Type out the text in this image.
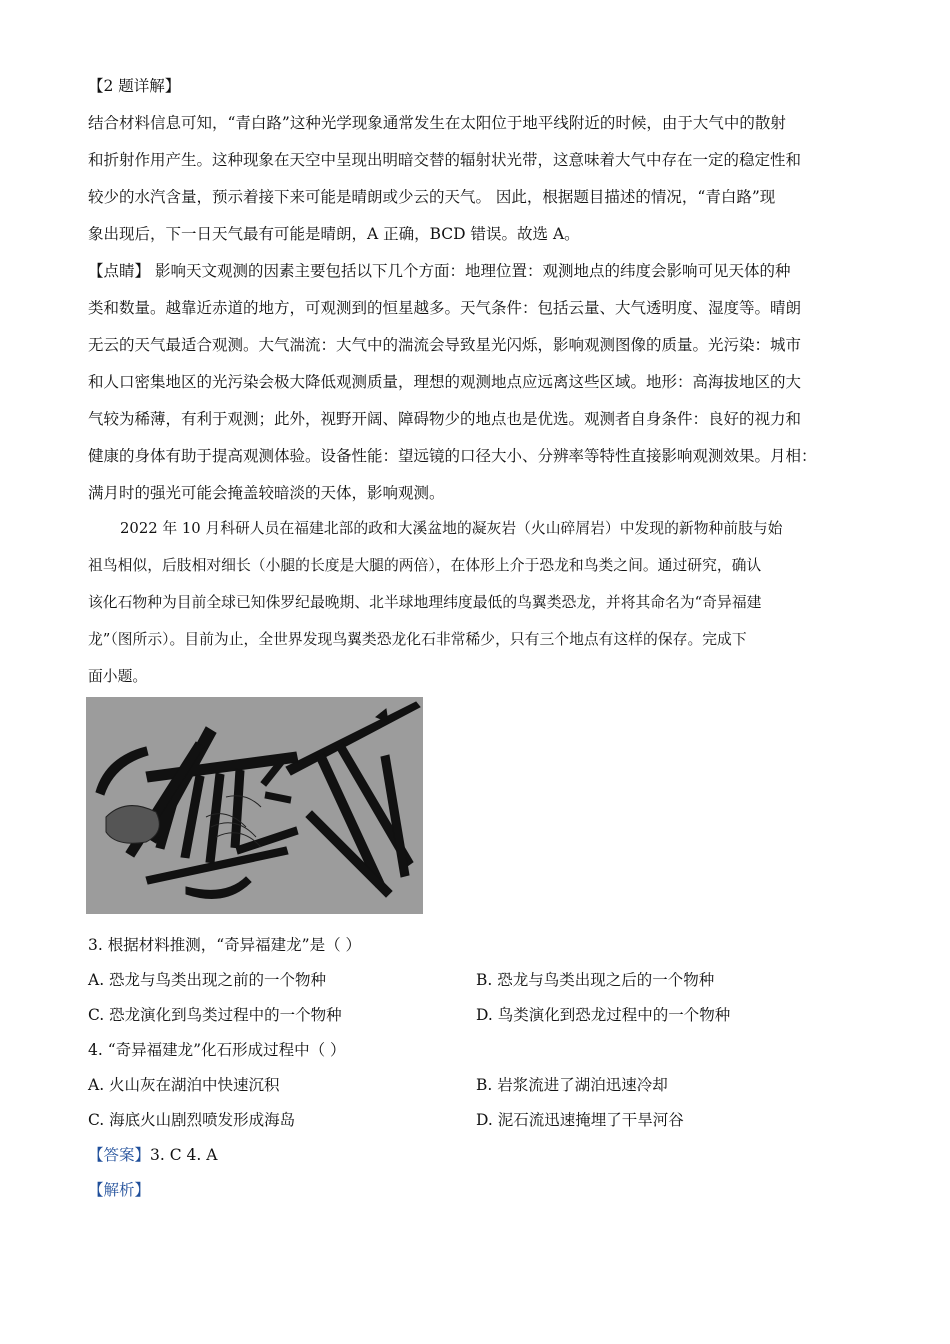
【2 题详解】
结合材料信息可知，“青白路”这种光学现象通常发生在太阳位于地平线附近的时候，由于大气中的散射
和折射作用产生。这种现象在天空中呈现出明暗交替的辐射状光带，这意味着大气中存在一定的稳定性和
较少的水汽含量，预示着接下来可能是晴朗或少云的天气。 因此，根据题目描述的情况，“青白路”现
象出现后，下一日天气最有可能是晴朗，A 正确，BCD 错误。故选 A。
【点睛】 影响天文观测的因素主要包括以下几个方面：地理位置：观测地点的纬度会影响可见天体的种
类和数量。越靠近赤道的地方，可观测到的恒星越多。天气条件：包括云量、大气透明度、湿度等。晴朗
无云的天气最适合观测。大气湍流：大气中的湍流会导致星光闪烁，影响观测图像的质量。光污染：城市
和人口密集地区的光污染会极大降低观测质量，理想的观测地点应远离这些区域。地形：高海拔地区的大
气较为稀薄，有利于观测；此外，视野开阔、障碍物少的地点也是优选。观测者自身条件：良好的视力和
健康的身体有助于提高观测体验。设备性能：望远镜的口径大小、分辨率等特性直接影响观测效果。月相：
满月时的强光可能会掩盖较暗淡的天体，影响观测。
2022 年 10 月科研人员在福建北部的政和大溪盆地的凝灰岩（火山碎屑岩）中发现的新物种前肢与始
祖鸟相似，后肢相对细长（小腿的长度是大腿的两倍），在体形上介于恐龙和鸟类之间。通过研究，确认
该化石物种为目前全球已知侏罗纪最晚期、北半球地理纬度最低的鸟翼类恐龙，并将其命名为“奇异福建
龙”（图所示）。目前为止，全世界发现鸟翼类恐龙化石非常稀少，只有三个地点有这样的保存。完成下
面小题。
3. 根据材料推测，“奇异福建龙”是（ ）
A. 恐龙与鸟类出现之前的一个物种	B. 恐龙与鸟类出现之后的一个物种
C. 恐龙演化到鸟类过程中的一个物种	D. 鸟类演化到恐龙过程中的一个物种
4. “奇异福建龙”化石形成过程中（ ）
A. 火山灰在湖泊中快速沉积	B. 岩浆流进了湖泊迅速冷却
C. 海底火山剧烈喷发形成海岛	D. 泥石流迅速掩埋了干旱河谷
【答案】3. C 4. A
【解析】
